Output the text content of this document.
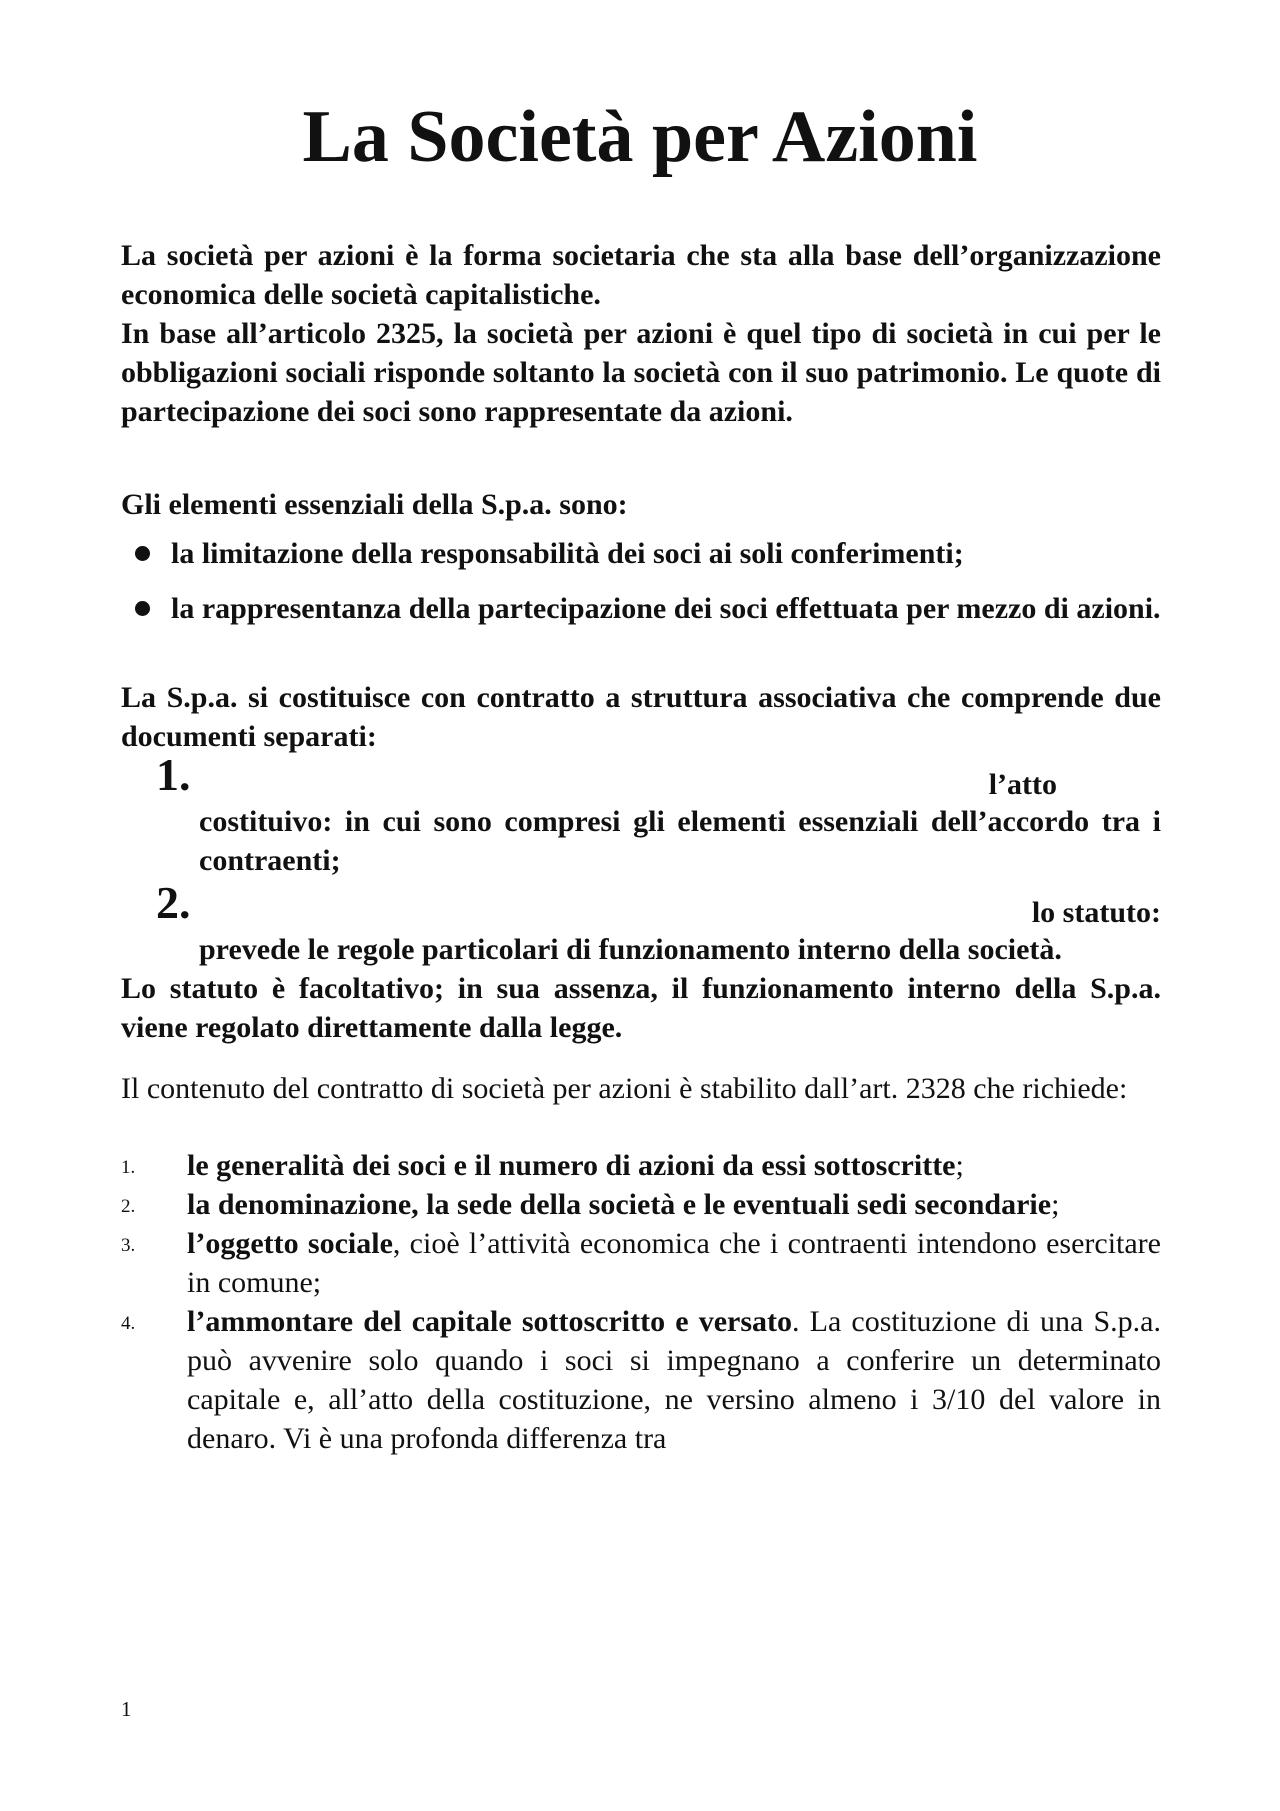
La Società per Azioni

La società per azioni è la forma societaria che sta alla base dell’organizzazione economica delle società capitalistiche.

In base all’articolo 2325, la società per azioni è quel tipo di società in cui per le obbligazioni sociali risponde soltanto la società con il suo patrimonio. Le quote di partecipazione dei soci sono rappresentate da azioni.

Gli elementi essenziali della S.p.a. sono:

la limitazione della responsabilità dei soci ai soli conferimenti;
la rappresentanza della partecipazione dei soci effettuata per mezzo di azioni.

La S.p.a. si costituisce con contratto a struttura associativa che comprende due documenti separati:

1.	l’atto
costituivo: in cui sono compresi gli elementi essenziali dell’accordo tra i contraenti;
2.	lo statuto:
prevede le regole particolari di funzionamento interno della società.

Lo statuto è facoltativo; in sua assenza, il funzionamento interno della S.p.a. viene regolato direttamente dalla legge.

Il contenuto del contratto di società per azioni è stabilito dall’art. 2328 che richiede:

1. le generalità dei soci e il numero di azioni da essi sottoscritte;
2. la denominazione, la sede della società e le eventuali sedi secondarie;
3. l’oggetto sociale, cioè l’attività economica che i contraenti intendono esercitare in comune;
4. l’ammontare del capitale sottoscritto e versato. La costituzione di una S.p.a. può avvenire solo quando i soci si impegnano a conferire un determinato capitale e, all’atto della costituzione, ne versino almeno i 3/10 del valore in denaro. Vi è una profonda differenza tra
1
